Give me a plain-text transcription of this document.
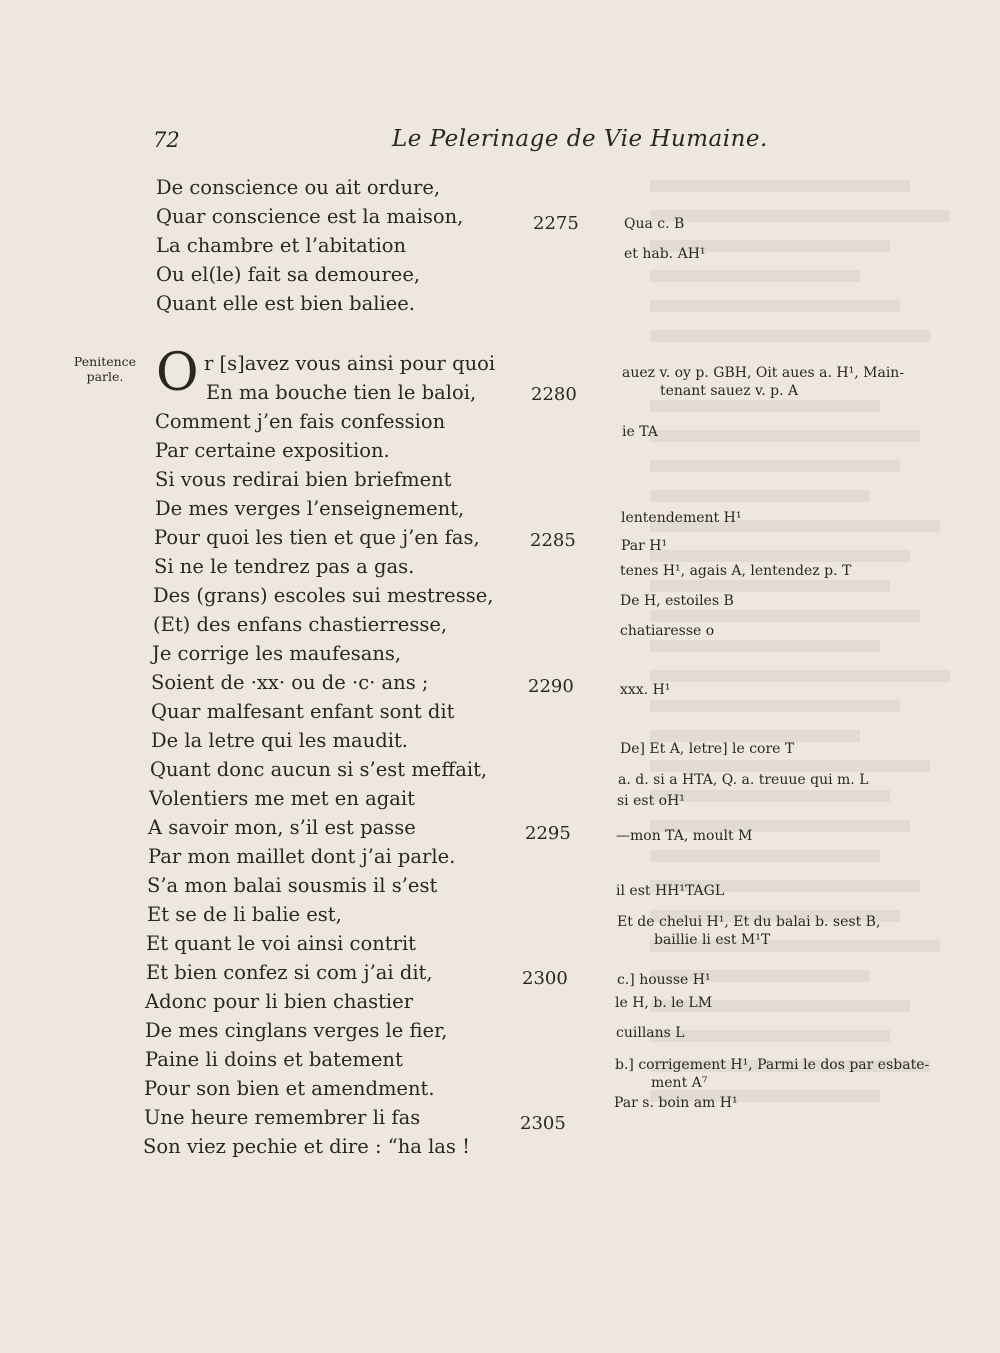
72	Le Pelerinage de Vie Humaine.
Penitence parle. O
De conscience ou ait ordure,
Quar conscience est la maison,
La chambre et l’abitation
Ou el(le) fait sa demouree,
Quant elle est bien baliee.
r [s]avez vous ainsi pour quoi
En ma bouche tien le baloi,
Comment j’en fais confession
Par certaine exposition.
Si vous redirai bien briefment
De mes verges l’enseignement,
Pour quoi les tien et que j’en fas,
Si ne le tendrez pas a gas.
Des (grans) escoles sui mestresse,
(Et) des enfans chastierresse,
Je corrige les maufesans,
Soient de ·xx· ou de ·c· ans ;
Quar malfesant enfant sont dit
De la letre qui les maudit.
Quant donc aucun si s’est meffait,
Volentiers me met en agait
A savoir mon, s’il est passe
Par mon maillet dont j’ai parle.
S’a mon balai sousmis il s’est
Et se de li balie est,
Et quant le voi ainsi contrit
Et bien confez si com j’ai dit,
Adonc pour li bien chastier
De mes cinglans verges le fier,
Paine li doins et batement
Pour son bien et amendment.
Une heure remembrer li fas
Son viez pechie et dire : “ha las !
2275
2280
2285
2290
2295
2300
2305
Qua c. B
et hab. AH¹
auez v. oy p. GBH, Oit aues a. H¹, Main-
tenant sauez v. p. A
ie TA
lentendement H¹
Par H¹
tenes H¹, agais A, lentendez p. T
De H, estoiles B
chatiaresse o
xxx. H¹
De] Et A, letre] le core T
a. d. si a HTA, Q. a. treuue qui m. L
si est oH¹
—mon TA, moult M
il est HH¹TAGL
Et de chelui H¹, Et du balai b. sest B,
baillie li est M¹T
c.] housse H¹
le H, b. le LM
cuillans L
b.] corrigement H¹, Parmi le dos par esbate-
ment A⁷
Par s. boin am H¹
